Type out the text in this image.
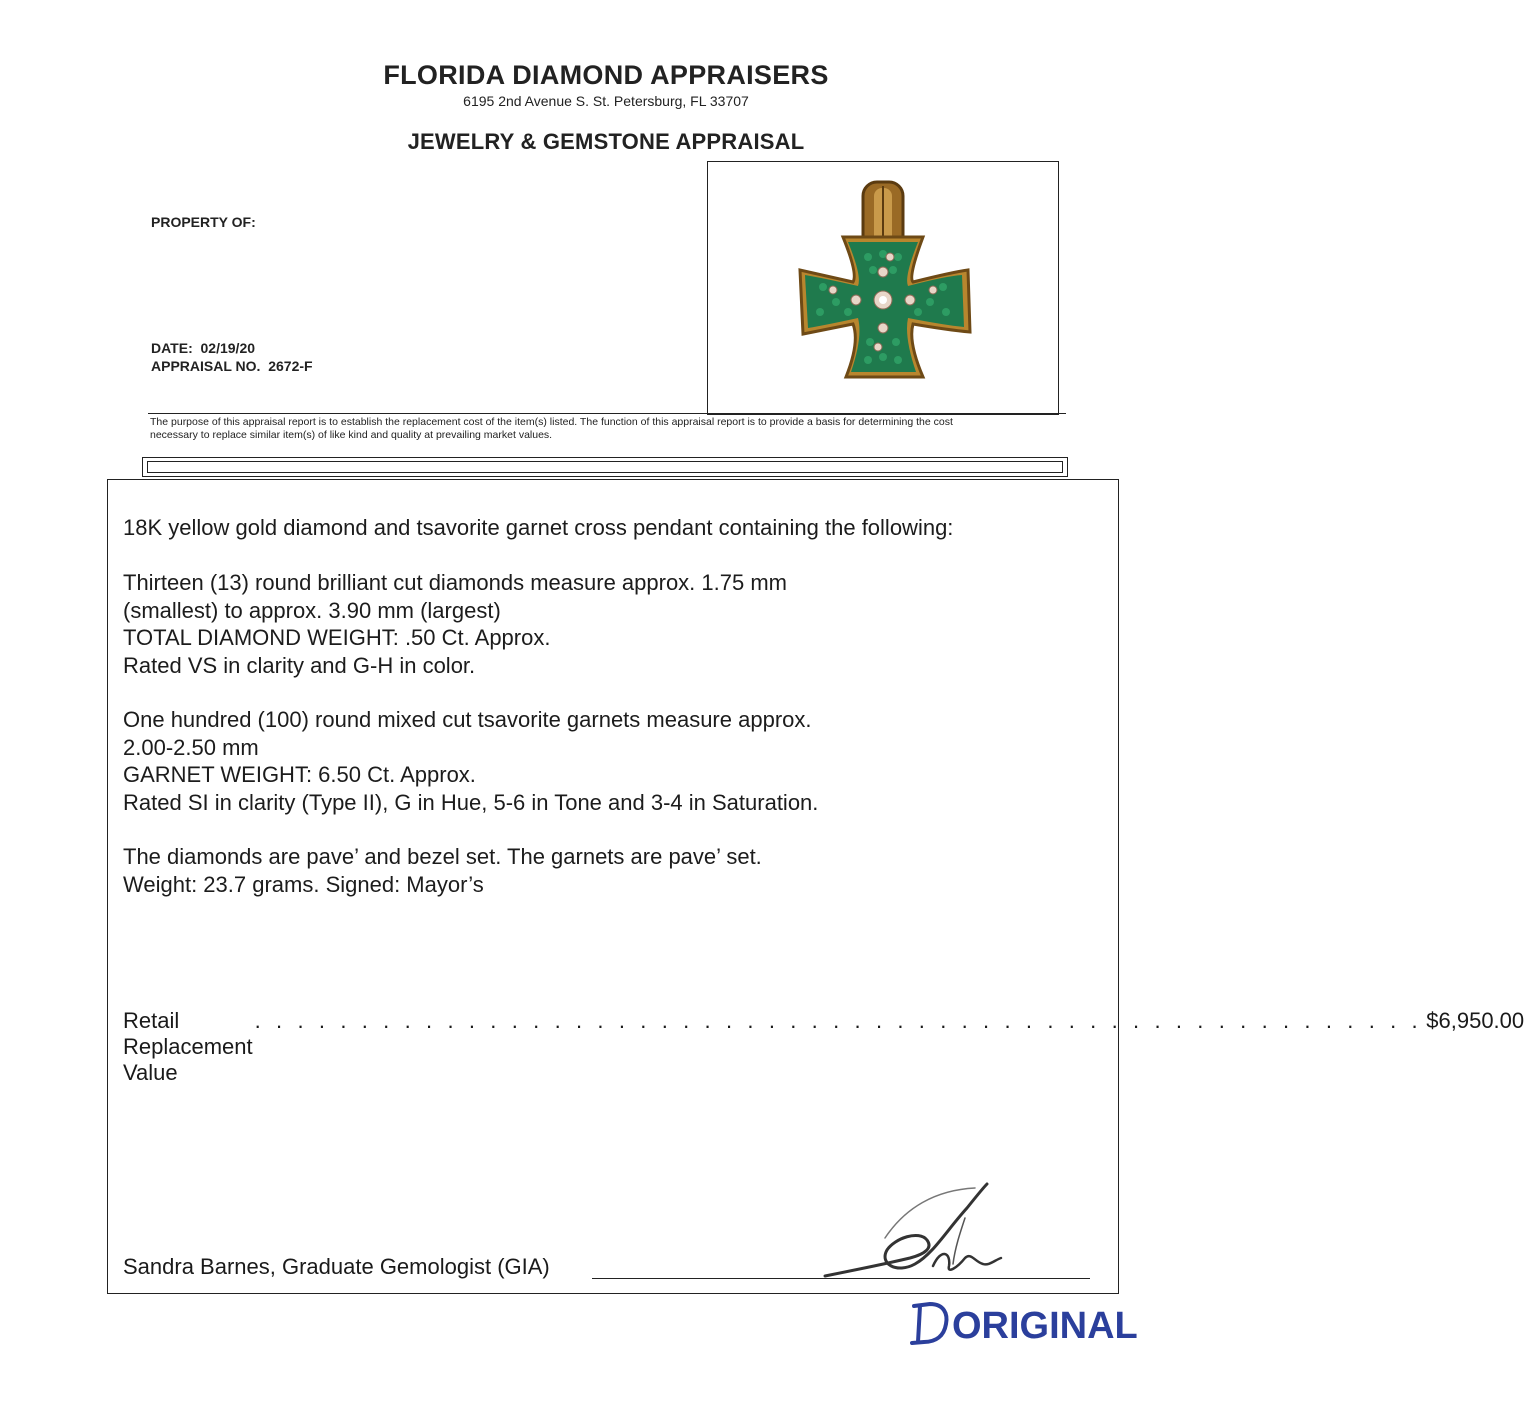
FLORIDA DIAMOND APPRAISERS
6195 2nd Avenue S. St. Petersburg, FL 33707
JEWELRY & GEMSTONE APPRAISAL
PROPERTY OF:
DATE: 02/19/20
APPRAISAL NO. 2672-F
The purpose of this appraisal report is to establish the replacement cost of the item(s) listed. The function of this appraisal report is to provide a basis for determining the cost
necessary to replace similar item(s) of like kind and quality at prevailing market values.
18K yellow gold diamond and tsavorite garnet cross pendant containing the following:
Thirteen (13) round brilliant cut diamonds measure approx. 1.75 mm
(smallest) to approx. 3.90 mm (largest)
TOTAL DIAMOND WEIGHT: .50 Ct. Approx.
Rated VS in clarity and G-H in color.
One hundred (100) round mixed cut tsavorite garnets measure approx.
2.00-2.50 mm
GARNET WEIGHT: 6.50 Ct. Approx.
Rated SI in clarity (Type II), G in Hue, 5-6 in Tone and 3-4 in Saturation.
The diamonds are pave’ and bezel set. The garnets are pave’ set.
Weight: 23.7 grams. Signed: Mayor’s
Retail Replacement Value
. . . . . . . . . . . . . . . . . . . . . . . . . . . . . . . . . . . . . . . . . . . . . . . . . . . . . . . $6,950.00
Sandra Barnes, Graduate Gemologist (GIA)
ORIGINAL
